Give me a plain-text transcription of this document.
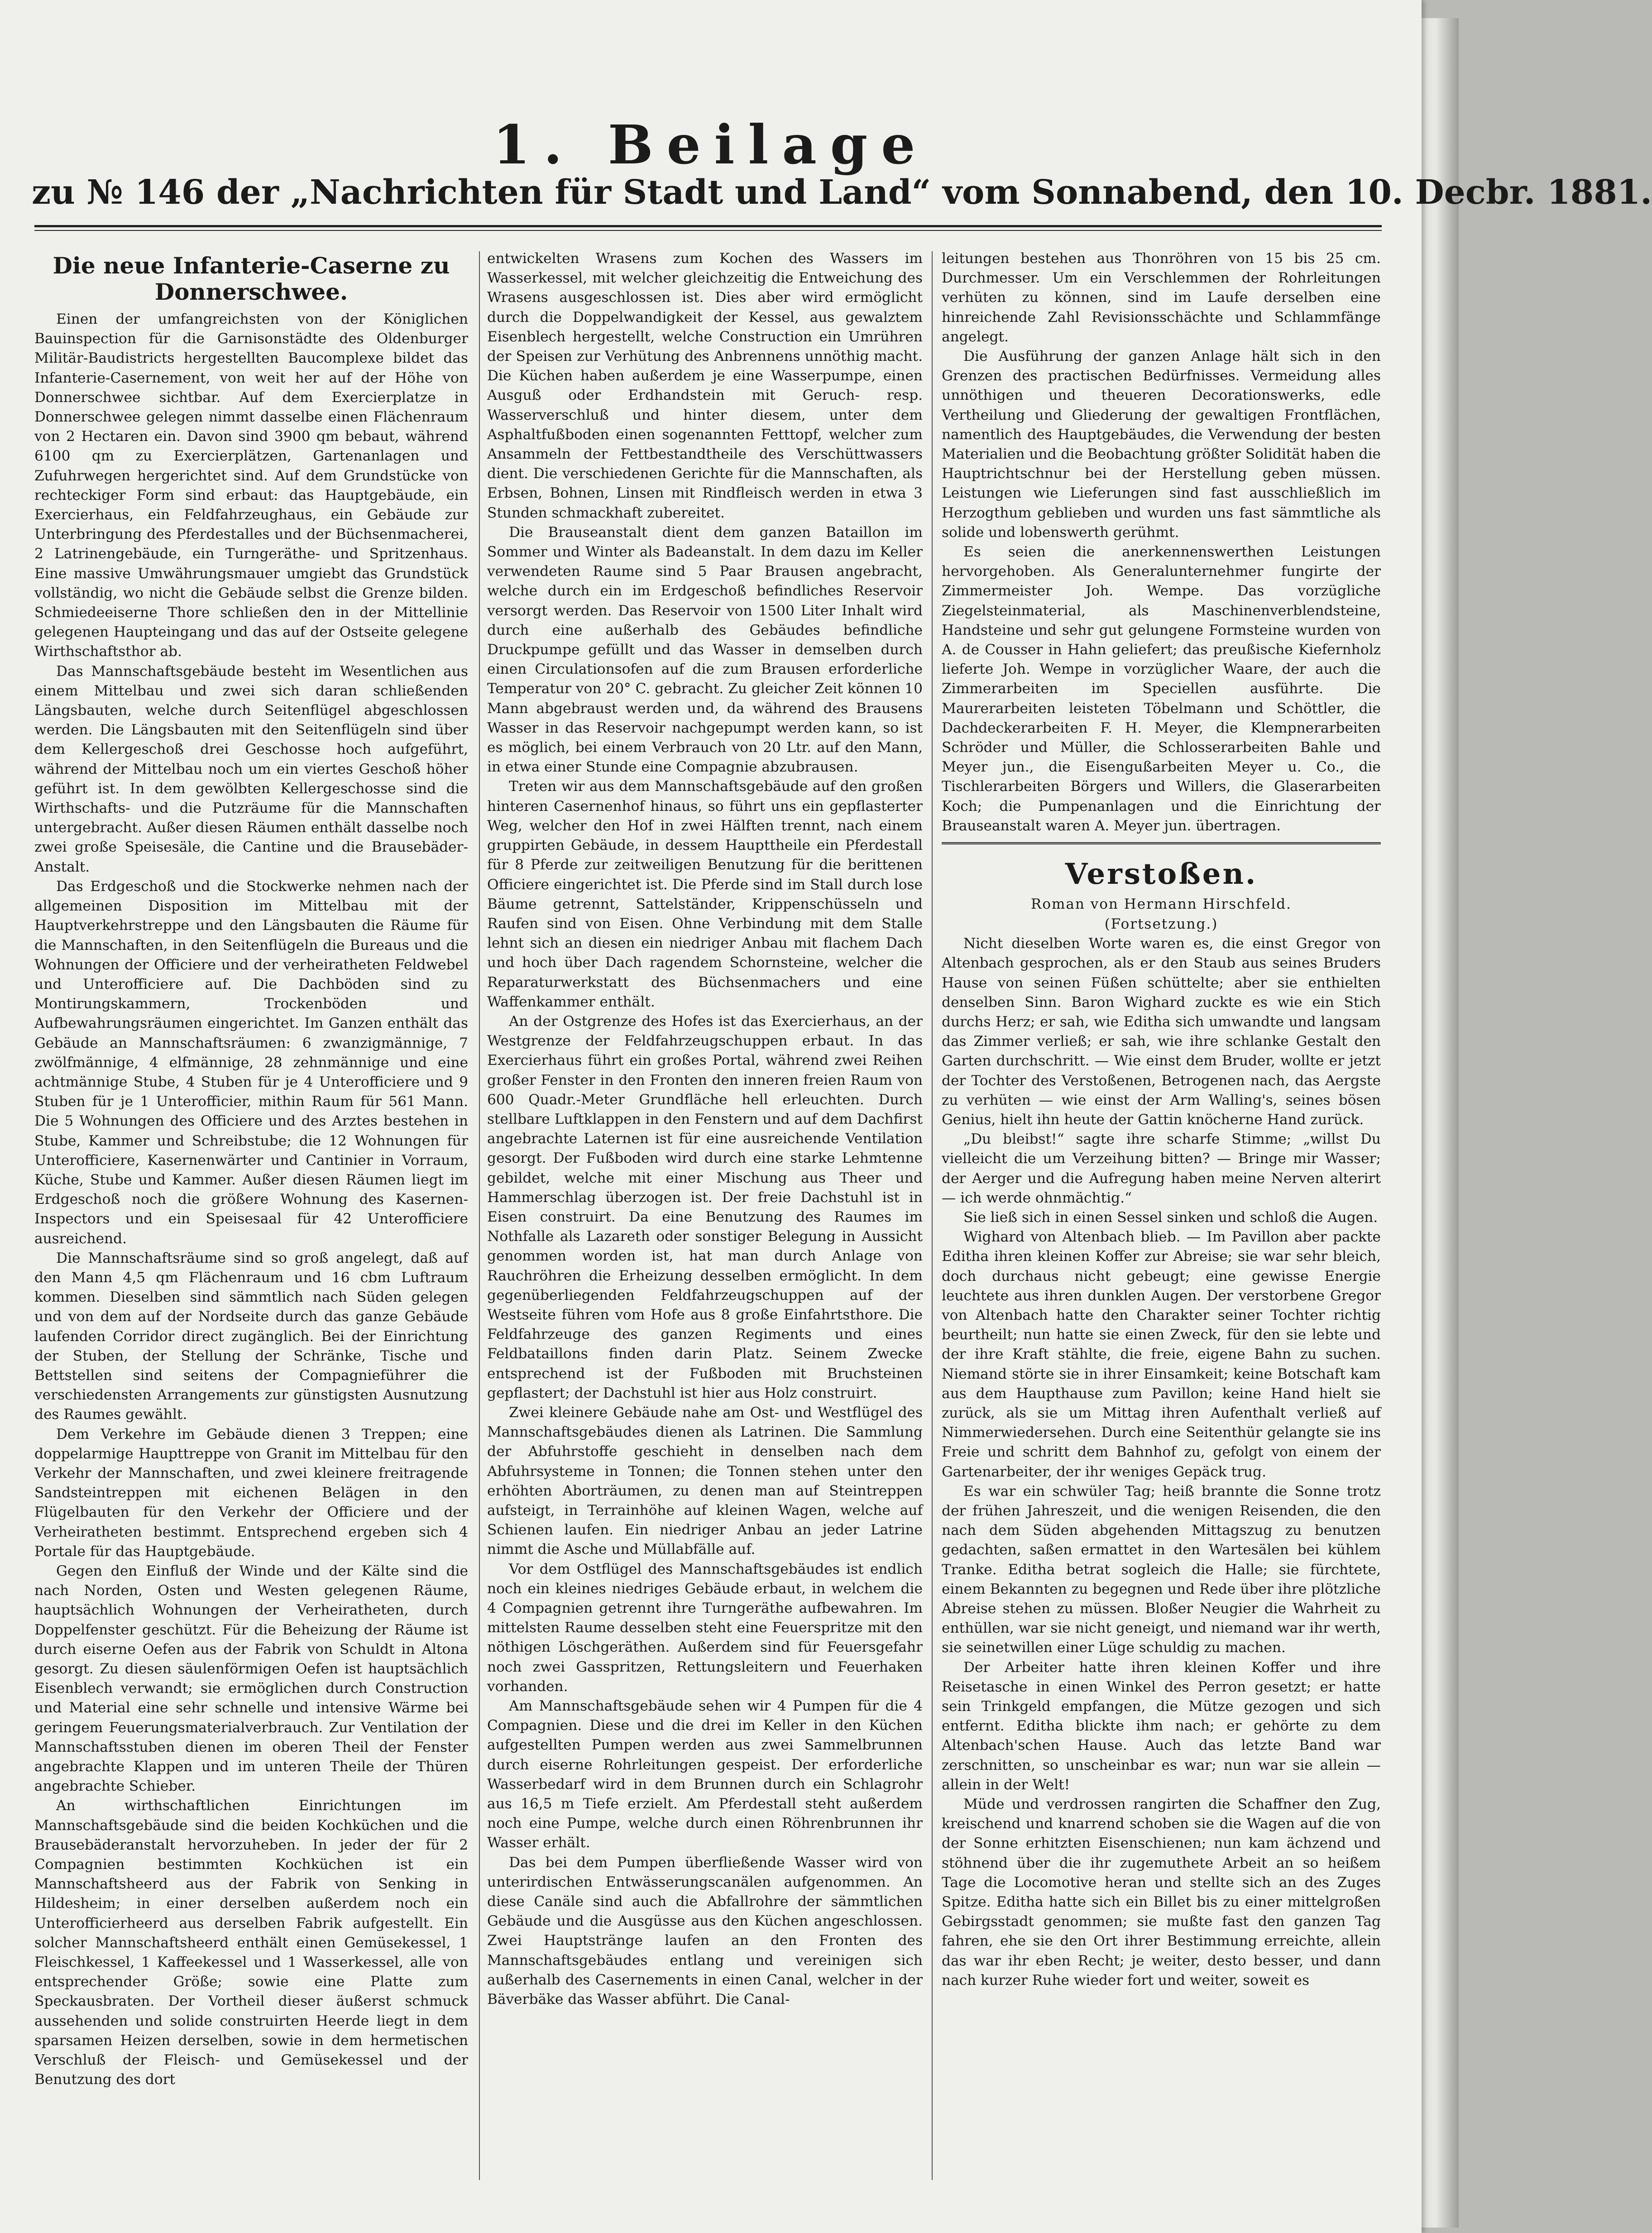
1. Beilage
zu № 146 der „Nachrichten für Stadt und Land“ vom Sonnabend, den 10. Decbr. 1881.
Die neue Infanterie-Caserne zu Donnerschwee.

Einen der umfangreichsten von der Königlichen Bauinspection für die Garnisonstädte des Oldenburger Militär-Baudistricts hergestellten Baucomplexe bildet das Infanterie-Casernement, von weit her auf der Höhe von Donnerschwee sichtbar. Auf dem Exercierplatze in Donnerschwee gelegen nimmt dasselbe einen Flächenraum von 2 Hectaren ein. Davon sind 3900 qm bebaut, während 6100 qm zu Exercierplätzen, Gartenanlagen und Zufuhrwegen hergerichtet sind. Auf dem Grundstücke von rechteckiger Form sind erbaut: das Hauptgebäude, ein Exercierhaus, ein Feldfahrzeughaus, ein Gebäude zur Unterbringung des Pferdestalles und der Büchsenmacherei, 2 Latrinengebäude, ein Turngeräthe- und Spritzenhaus. Eine massive Umwährungsmauer umgiebt das Grundstück vollständig, wo nicht die Gebäude selbst die Grenze bilden. Schmiedeeiserne Thore schließen den in der Mittellinie gelegenen Haupteingang und das auf der Ostseite gelegene Wirthschaftsthor ab.

Das Mannschaftsgebäude besteht im Wesentlichen aus einem Mittelbau und zwei sich daran schließenden Längsbauten, welche durch Seitenflügel abgeschlossen werden. Die Längsbauten mit den Seitenflügeln sind über dem Kellergeschoß drei Geschosse hoch aufgeführt, während der Mittelbau noch um ein viertes Geschoß höher geführt ist. In dem gewölbten Kellergeschosse sind die Wirthschafts- und die Putzräume für die Mannschaften untergebracht. Außer diesen Räumen enthält dasselbe noch zwei große Speisesäle, die Cantine und die Brausebäder-Anstalt.

Das Erdgeschoß und die Stockwerke nehmen nach der allgemeinen Disposition im Mittelbau mit der Hauptverkehrstreppe und den Längsbauten die Räume für die Mannschaften, in den Seitenflügeln die Bureaus und die Wohnungen der Officiere und der verheiratheten Feldwebel und Unterofficiere auf. Die Dachböden sind zu Montirungskammern, Trockenböden und Aufbewahrungsräumen eingerichtet. Im Ganzen enthält das Gebäude an Mannschaftsräumen: 6 zwanzigmännige, 7 zwölfmännige, 4 elfmännige, 28 zehnmännige und eine achtmännige Stube, 4 Stuben für je 4 Unterofficiere und 9 Stuben für je 1 Unterofficier, mithin Raum für 561 Mann. Die 5 Wohnungen des Officiere und des Arztes bestehen in Stube, Kammer und Schreibstube; die 12 Wohnungen für Unterofficiere, Kasernenwärter und Cantinier in Vorraum, Küche, Stube und Kammer. Außer diesen Räumen liegt im Erdgeschoß noch die größere Wohnung des Kasernen-Inspectors und ein Speisesaal für 42 Unterofficiere ausreichend.

Die Mannschaftsräume sind so groß angelegt, daß auf den Mann 4,5 qm Flächenraum und 16 cbm Luftraum kommen. Dieselben sind sämmtlich nach Süden gelegen und von dem auf der Nordseite durch das ganze Gebäude laufenden Corridor direct zugänglich. Bei der Einrichtung der Stuben, der Stellung der Schränke, Tische und Bettstellen sind seitens der Compagnieführer die verschiedensten Arrangements zur günstigsten Ausnutzung des Raumes gewählt.

Dem Verkehre im Gebäude dienen 3 Treppen; eine doppelarmige Haupttreppe von Granit im Mittelbau für den Verkehr der Mannschaften, und zwei kleinere freitragende Sandsteintreppen mit eichenen Belägen in den Flügelbauten für den Verkehr der Officiere und der Verheiratheten bestimmt. Entsprechend ergeben sich 4 Portale für das Hauptgebäude.

Gegen den Einfluß der Winde und der Kälte sind die nach Norden, Osten und Westen gelegenen Räume, hauptsächlich Wohnungen der Verheiratheten, durch Doppelfenster geschützt. Für die Beheizung der Räume ist durch eiserne Oefen aus der Fabrik von Schuldt in Altona gesorgt. Zu diesen säulenförmigen Oefen ist hauptsächlich Eisenblech verwandt; sie ermöglichen durch Construction und Material eine sehr schnelle und intensive Wärme bei geringem Feuerungsmaterialverbrauch. Zur Ventilation der Mannschaftsstuben dienen im oberen Theil der Fenster angebrachte Klappen und im unteren Theile der Thüren angebrachte Schieber.

An wirthschaftlichen Einrichtungen im Mannschaftsgebäude sind die beiden Kochküchen und die Brausebäderanstalt hervorzuheben. In jeder der für 2 Compagnien bestimmten Kochküchen ist ein Mannschaftsheerd aus der Fabrik von Senking in Hildesheim; in einer derselben außerdem noch ein Unterofficierheerd aus derselben Fabrik aufgestellt. Ein solcher Mannschaftsheerd enthält einen Gemüsekessel, 1 Fleischkessel, 1 Kaffeekessel und 1 Wasserkessel, alle von entsprechender Größe; sowie eine Platte zum Speckausbraten. Der Vortheil dieser äußerst schmuck aussehenden und solide construirten Heerde liegt in dem sparsamen Heizen derselben, sowie in dem hermetischen Verschluß der Fleisch- und Gemüsekessel und der Benutzung des dort

entwickelten Wrasens zum Kochen des Wassers im Wasserkessel, mit welcher gleichzeitig die Entweichung des Wrasens ausgeschlossen ist. Dies aber wird ermöglicht durch die Doppelwandigkeit der Kessel, aus gewalztem Eisenblech hergestellt, welche Construction ein Umrühren der Speisen zur Verhütung des Anbrennens unnöthig macht. Die Küchen haben außerdem je eine Wasserpumpe, einen Ausguß oder Erdhandstein mit Geruch- resp. Wasserverschluß und hinter diesem, unter dem Asphaltfußboden einen sogenannten Fetttopf, welcher zum Ansammeln der Fettbestandtheile des Verschüttwassers dient. Die verschiedenen Gerichte für die Mannschaften, als Erbsen, Bohnen, Linsen mit Rindfleisch werden in etwa 3 Stunden schmackhaft zubereitet.

Die Brauseanstalt dient dem ganzen Bataillon im Sommer und Winter als Badeanstalt. In dem dazu im Keller verwendeten Raume sind 5 Paar Brausen angebracht, welche durch ein im Erdgeschoß befindliches Reservoir versorgt werden. Das Reservoir von 1500 Liter Inhalt wird durch eine außerhalb des Gebäudes befindliche Druckpumpe gefüllt und das Wasser in demselben durch einen Circulationsofen auf die zum Brausen erforderliche Temperatur von 20° C. gebracht. Zu gleicher Zeit können 10 Mann abgebraust werden und, da während des Brausens Wasser in das Reservoir nachgepumpt werden kann, so ist es möglich, bei einem Verbrauch von 20 Ltr. auf den Mann, in etwa einer Stunde eine Compagnie abzubrausen.

Treten wir aus dem Mannschaftsgebäude auf den großen hinteren Casernenhof hinaus, so führt uns ein gepflasterter Weg, welcher den Hof in zwei Hälften trennt, nach einem gruppirten Gebäude, in dessem Haupttheile ein Pferdestall für 8 Pferde zur zeitweiligen Benutzung für die berittenen Officiere eingerichtet ist. Die Pferde sind im Stall durch lose Bäume getrennt, Sattelständer, Krippenschüsseln und Raufen sind von Eisen. Ohne Verbindung mit dem Stalle lehnt sich an diesen ein niedriger Anbau mit flachem Dach und hoch über Dach ragendem Schornsteine, welcher die Reparaturwerkstatt des Büchsenmachers und eine Waffenkammer enthält.

An der Ostgrenze des Hofes ist das Exercierhaus, an der Westgrenze der Feldfahrzeugschuppen erbaut. In das Exercierhaus führt ein großes Portal, während zwei Reihen großer Fenster in den Fronten den inneren freien Raum von 600 Quadr.-Meter Grundfläche hell erleuchten. Durch stellbare Luftklappen in den Fenstern und auf dem Dachfirst angebrachte Laternen ist für eine ausreichende Ventilation gesorgt. Der Fußboden wird durch eine starke Lehmtenne gebildet, welche mit einer Mischung aus Theer und Hammerschlag überzogen ist. Der freie Dachstuhl ist in Eisen construirt. Da eine Benutzung des Raumes im Nothfalle als Lazareth oder sonstiger Belegung in Aussicht genommen worden ist, hat man durch Anlage von Rauchröhren die Erheizung desselben ermöglicht. In dem gegenüberliegenden Feldfahrzeugschuppen auf der Westseite führen vom Hofe aus 8 große Einfahrtsthore. Die Feldfahrzeuge des ganzen Regiments und eines Feldbataillons finden darin Platz. Seinem Zwecke entsprechend ist der Fußboden mit Bruchsteinen gepflastert; der Dachstuhl ist hier aus Holz construirt.

Zwei kleinere Gebäude nahe am Ost- und Westflügel des Mannschaftsgebäudes dienen als Latrinen. Die Sammlung der Abfuhrstoffe geschieht in denselben nach dem Abfuhrsysteme in Tonnen; die Tonnen stehen unter den erhöhten Aborträumen, zu denen man auf Steintreppen aufsteigt, in Terrainhöhe auf kleinen Wagen, welche auf Schienen laufen. Ein niedriger Anbau an jeder Latrine nimmt die Asche und Müllabfälle auf.

Vor dem Ostflügel des Mannschaftsgebäudes ist endlich noch ein kleines niedriges Gebäude erbaut, in welchem die 4 Compagnien getrennt ihre Turngeräthe aufbewahren. Im mittelsten Raume desselben steht eine Feuerspritze mit den nöthigen Löschgeräthen. Außerdem sind für Feuersgefahr noch zwei Gasspritzen, Rettungsleitern und Feuerhaken vorhanden.

Am Mannschaftsgebäude sehen wir 4 Pumpen für die 4 Compagnien. Diese und die drei im Keller in den Küchen aufgestellten Pumpen werden aus zwei Sammelbrunnen durch eiserne Rohrleitungen gespeist. Der erforderliche Wasserbedarf wird in dem Brunnen durch ein Schlagrohr aus 16,5 m Tiefe erzielt. Am Pferdestall steht außerdem noch eine Pumpe, welche durch einen Röhrenbrunnen ihr Wasser erhält.

Das bei dem Pumpen überfließende Wasser wird von unterirdischen Entwässerungscanälen aufgenommen. An diese Canäle sind auch die Abfallrohre der sämmtlichen Gebäude und die Ausgüsse aus den Küchen angeschlossen. Zwei Hauptstränge laufen an den Fronten des Mannschaftsgebäudes entlang und vereinigen sich außerhalb des Casernements in einen Canal, welcher in der Bäverbäke das Wasser abführt. Die Canal-

leitungen bestehen aus Thonröhren von 15 bis 25 cm. Durchmesser. Um ein Verschlemmen der Rohrleitungen verhüten zu können, sind im Laufe derselben eine hinreichende Zahl Revisionsschächte und Schlammfänge angelegt.

Die Ausführung der ganzen Anlage hält sich in den Grenzen des practischen Bedürfnisses. Vermeidung alles unnöthigen und theueren Decorationswerks, edle Vertheilung und Gliederung der gewaltigen Frontflächen, namentlich des Hauptgebäudes, die Verwendung der besten Materialien und die Beobachtung größter Solidität haben die Hauptrichtschnur bei der Herstellung geben müssen. Leistungen wie Lieferungen sind fast ausschließlich im Herzogthum geblieben und wurden uns fast sämmtliche als solide und lobenswerth gerühmt.

Es seien die anerkennenswerthen Leistungen hervorgehoben. Als Generalunternehmer fungirte der Zimmermeister Joh. Wempe. Das vorzügliche Ziegelsteinmaterial, als Maschinenverblendsteine, Handsteine und sehr gut gelungene Formsteine wurden von A. de Cousser in Hahn geliefert; das preußische Kiefernholz lieferte Joh. Wempe in vorzüglicher Waare, der auch die Zimmerarbeiten im Speciellen ausführte. Die Maurerarbeiten leisteten Töbelmann und Schöttler, die Dachdeckerarbeiten F. H. Meyer, die Klempnerarbeiten Schröder und Müller, die Schlosserarbeiten Bahle und Meyer jun., die Eisengußarbeiten Meyer u. Co., die Tischlerarbeiten Börgers und Willers, die Glaserarbeiten Koch; die Pumpenanlagen und die Einrichtung der Brauseanstalt waren A. Meyer jun. übertragen.

Verstoßen.
Roman von Hermann Hirschfeld.
(Fortsetzung.)

Nicht dieselben Worte waren es, die einst Gregor von Altenbach gesprochen, als er den Staub aus seines Bruders Hause von seinen Füßen schüttelte; aber sie enthielten denselben Sinn. Baron Wighard zuckte es wie ein Stich durchs Herz; er sah, wie Editha sich umwandte und langsam das Zimmer verließ; er sah, wie ihre schlanke Gestalt den Garten durchschritt. — Wie einst dem Bruder, wollte er jetzt der Tochter des Verstoßenen, Betrogenen nach, das Aergste zu verhüten — wie einst der Arm Walling's, seines bösen Genius, hielt ihn heute der Gattin knöcherne Hand zurück.

„Du bleibst!“ sagte ihre scharfe Stimme; „willst Du vielleicht die um Verzeihung bitten? — Bringe mir Wasser; der Aerger und die Aufregung haben meine Nerven alterirt — ich werde ohnmächtig.“

Sie ließ sich in einen Sessel sinken und schloß die Augen.

Wighard von Altenbach blieb. — Im Pavillon aber packte Editha ihren kleinen Koffer zur Abreise; sie war sehr bleich, doch durchaus nicht gebeugt; eine gewisse Energie leuchtete aus ihren dunklen Augen. Der verstorbene Gregor von Altenbach hatte den Charakter seiner Tochter richtig beurtheilt; nun hatte sie einen Zweck, für den sie lebte und der ihre Kraft stählte, die freie, eigene Bahn zu suchen. Niemand störte sie in ihrer Einsamkeit; keine Botschaft kam aus dem Haupthause zum Pavillon; keine Hand hielt sie zurück, als sie um Mittag ihren Aufenthalt verließ auf Nimmerwiedersehen. Durch eine Seitenthür gelangte sie ins Freie und schritt dem Bahnhof zu, gefolgt von einem der Gartenarbeiter, der ihr weniges Gepäck trug.

Es war ein schwüler Tag; heiß brannte die Sonne trotz der frühen Jahreszeit, und die wenigen Reisenden, die den nach dem Süden abgehenden Mittagszug zu benutzen gedachten, saßen ermattet in den Wartesälen bei kühlem Tranke. Editha betrat sogleich die Halle; sie fürchtete, einem Bekannten zu begegnen und Rede über ihre plötzliche Abreise stehen zu müssen. Bloßer Neugier die Wahrheit zu enthüllen, war sie nicht geneigt, und niemand war ihr werth, sie seinetwillen einer Lüge schuldig zu machen.

Der Arbeiter hatte ihren kleinen Koffer und ihre Reisetasche in einen Winkel des Perron gesetzt; er hatte sein Trinkgeld empfangen, die Mütze gezogen und sich entfernt. Editha blickte ihm nach; er gehörte zu dem Altenbach'schen Hause. Auch das letzte Band war zerschnitten, so unscheinbar es war; nun war sie allein — allein in der Welt!

Müde und verdrossen rangirten die Schaffner den Zug, kreischend und knarrend schoben sie die Wagen auf die von der Sonne erhitzten Eisenschienen; nun kam ächzend und stöhnend über die ihr zugemuthete Arbeit an so heißem Tage die Locomotive heran und stellte sich an des Zuges Spitze. Editha hatte sich ein Billet bis zu einer mittelgroßen Gebirgsstadt genommen; sie mußte fast den ganzen Tag fahren, ehe sie den Ort ihrer Bestimmung erreichte, allein das war ihr eben Recht; je weiter, desto besser, und dann nach kurzer Ruhe wieder fort und weiter, soweit es
